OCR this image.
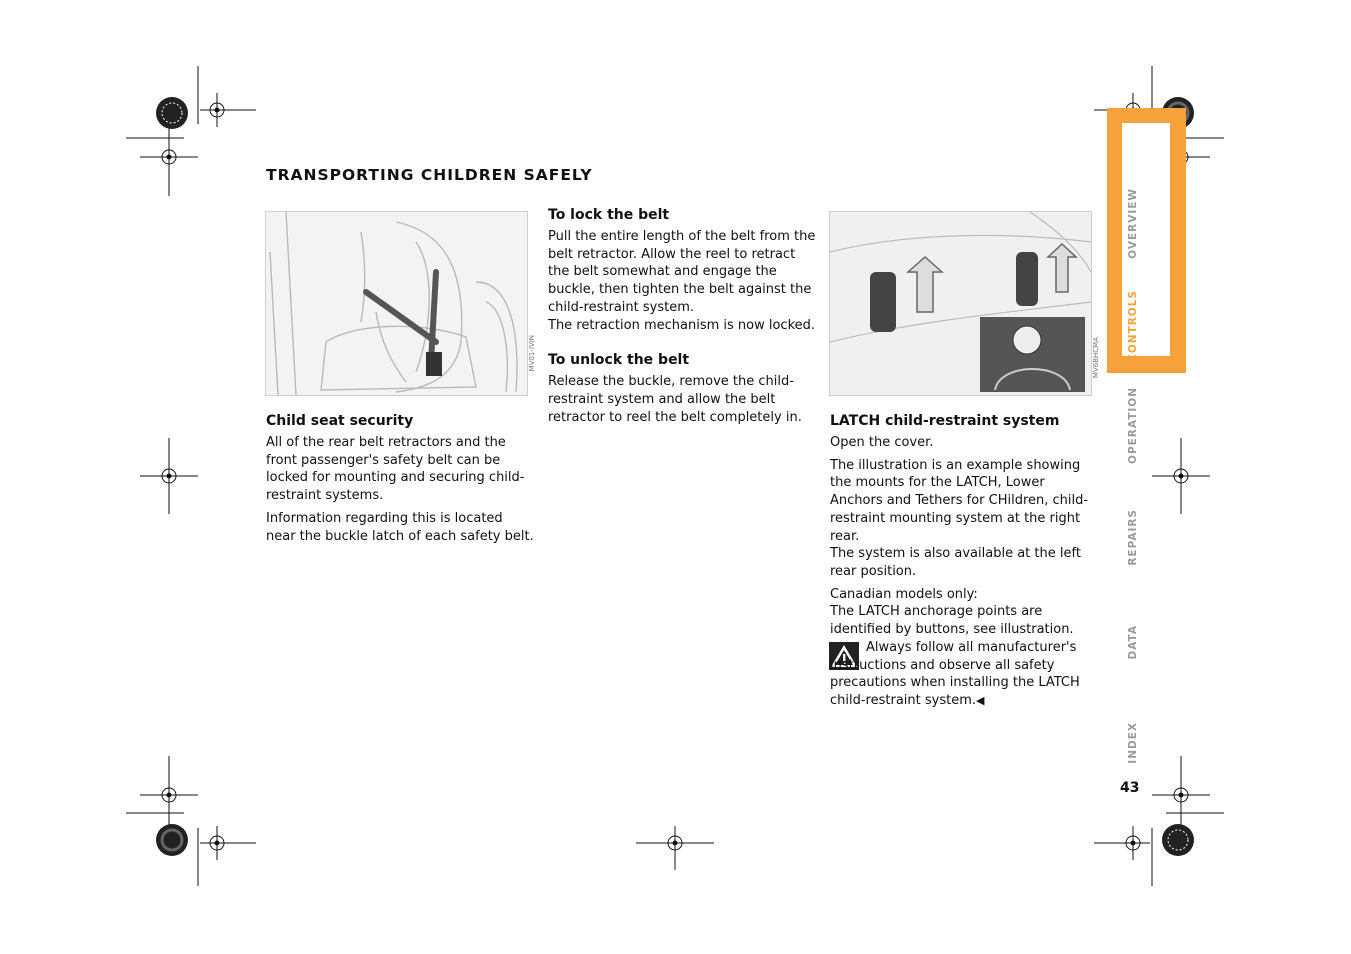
TRANSPORTING CHILDREN SAFELY
MV01-IVIN	MV6BHCMA
Child seat security
All of the rear belt retractors and the front passenger's safety belt can be locked for mounting and securing child-restraint systems.
Information regarding this is located near the buckle latch of each safety belt.
To lock the belt
Pull the entire length of the belt from the belt retractor. Allow the reel to retract the belt somewhat and engage the buckle, then tighten the belt against the child-restraint system.
The retraction mechanism is now locked.
To unlock the belt
Release the buckle, remove the child-restraint system and allow the belt retractor to reel the belt completely in.	LATCH child-restraint system
Open the cover.
The illustration is an example showing the mounts for the LATCH, Lower Anchors and Tethers for CHildren, child-restraint mounting system at the right rear.
The system is also available at the left rear position.
Canadian models only:
The LATCH anchorage points are identified by buttons, see illustration.
Always follow all manufacturer's instructions and observe all safety precautions when installing the LATCH child-restraint system.◀
OVERVIEW
CONTROLS
OPERATION
REPAIRS
DATA
INDEX
43
